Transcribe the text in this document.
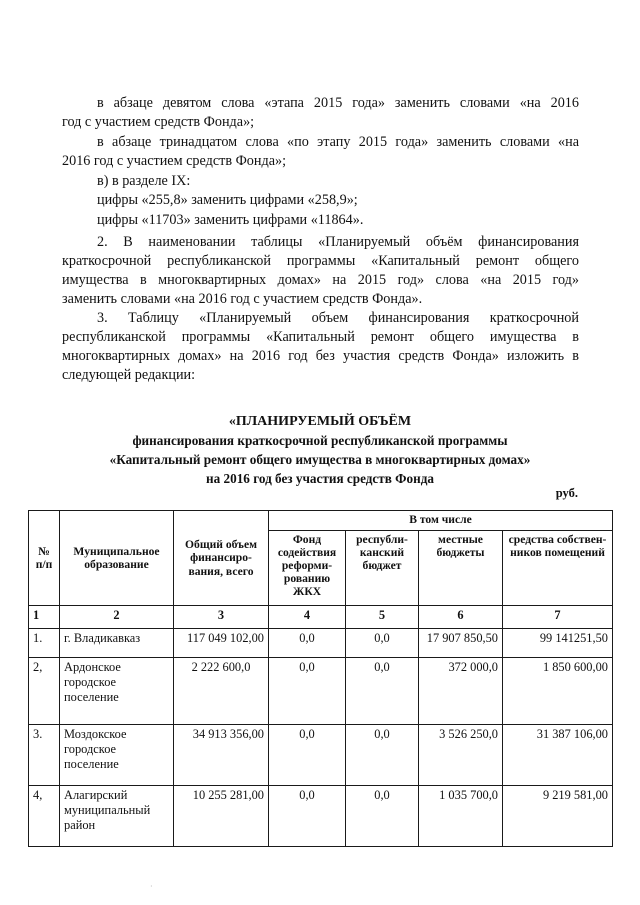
в абзаце девятом слова «этапа 2015 года» заменить словами «на 2016

год с участием средств Фонда»;

в абзаце тринадцатом слова «по этапу 2015 года» заменить словами «на

2016 год с участием средств Фонда»;

в) в разделе IX:

цифры «255,8» заменить цифрами «258,9»;

цифры «11703» заменить цифрами «11864».

2. В наименовании таблицы «Планируемый объём финансирования

краткосрочной республиканской программы «Капитальный ремонт общего

имущества в многоквартирных домах» на 2015 год» слова «на 2015 год»

заменить словами «на 2016 год с участием средств Фонда».

3. Таблицу «Планируемый объем финансирования краткосрочной

республиканской программы «Капитальный ремонт общего имущества в

многоквартирных домах» на 2016 год без участия средств Фонда» изложить в

следующей редакции:

«ПЛАНИРУЕМЫЙ ОБЪЁМ
финансирования краткосрочной республиканской программы
«Капитальный ремонт общего имущества в многоквартирных домах»
на 2016 год без участия средств Фонда
руб.
№ п/п	Муниципальное образование	Общий объем финансиро-вания, всего	В том числе			
			Фонд содействия реформи-рованию ЖКХ	республи-канский бюджет	местные бюджеты	средства собствен-ников помещений
1	2	3	4	5	6	7
1.	г. Владикавказ	117 049 102,00	0,0	0,0	17 907 850,50	99 141251,50
2,	Ардонское городское поселение	2 222 600,0	0,0	0,0	372 000,0	1 850 600,00
3.	Моздокское городское поселение	34 913 356,00	0,0	0,0	3 526 250,0	31 387 106,00
4,	Алагирский муниципальный район	10 255 281,00	0,0	0,0	1 035 700,0	9 219 581,00
·
